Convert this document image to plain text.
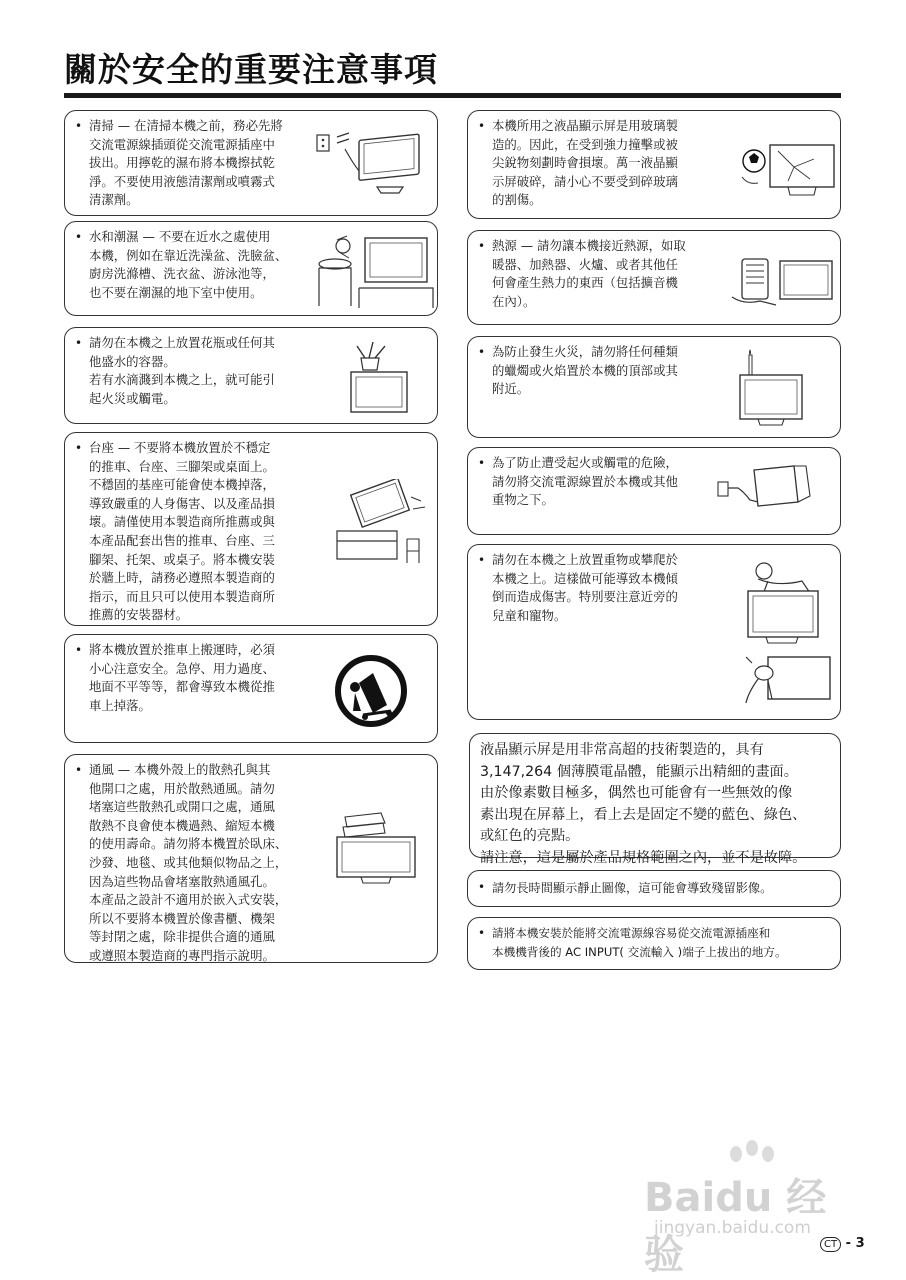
關於安全的重要注意事項
• 清掃 — 在清掃本機之前，務必先將
交流電源線插頭從交流電源插座中
拔出。用擰乾的濕布將本機擦拭乾
淨。不要使用液態清潔劑或噴霧式
清潔劑。
• 水和潮濕 — 不要在近水之處使用
本機，例如在靠近洗澡盆、洗臉盆、
廚房洗滌槽、洗衣盆、游泳池等，
也不要在潮濕的地下室中使用。
• 請勿在本機之上放置花瓶或任何其
他盛水的容器。
若有水滴濺到本機之上，就可能引
起火災或觸電。
• 台座 — 不要將本機放置於不穩定
的推車、台座、三腳架或桌面上。
不穩固的基座可能會使本機掉落，
導致嚴重的人身傷害、以及產品損
壞。請僅使用本製造商所推薦或與
本產品配套出售的推車、台座、三
腳架、托架、或桌子。將本機安裝
於牆上時，請務必遵照本製造商的
指示，而且只可以使用本製造商所
推薦的安裝器材。
• 將本機放置於推車上搬運時，必須
小心注意安全。急停、用力過度、
地面不平等等，都會導致本機從推
車上掉落。
• 通風 — 本機外殼上的散熱孔與其
他開口之處，用於散熱通風。請勿
堵塞這些散熱孔或開口之處，通風
散熱不良會使本機過熱、縮短本機
的使用壽命。請勿將本機置於臥床、
沙發、地毯、或其他類似物品之上，
因為這些物品會堵塞散熱通風孔。
本產品之設計不適用於嵌入式安裝，
所以不要將本機置於像書櫃、機架
等封閉之處，除非提供合適的通風
或遵照本製造商的專門指示說明。
• 本機所用之液晶顯示屏是用玻璃製
造的。因此，在受到強力撞擊或被
尖銳物刻劃時會損壞。萬一液晶顯
示屏破碎，請小心不要受到碎玻璃
的割傷。
• 熱源 — 請勿讓本機接近熱源，如取
暖器、加熱器、火爐、或者其他任
何會產生熱力的東西（包括擴音機
在內）。
• 為防止發生火災，請勿將任何種類
的蠟燭或火焰置於本機的頂部或其
附近。
• 為了防止遭受起火或觸電的危險，
請勿將交流電源線置於本機或其他
重物之下。
• 請勿在本機之上放置重物或攀爬於
本機之上。這樣做可能導致本機傾
倒而造成傷害。特別要注意近旁的
兒童和寵物。
液晶顯示屏是用非常高超的技術製造的，具有
3,147,264 個薄膜電晶體，能顯示出精細的畫面。
由於像素數目極多，偶然也可能會有一些無效的像
素出現在屏幕上，看上去是固定不變的藍色、綠色、
或紅色的亮點。
請注意，這是屬於產品規格範圍之內，並不是故障。
• 請勿長時間顯示靜止圖像，這可能會導致殘留影像。
• 請將本機安裝於能將交流電源線容易從交流電源插座和
本機機背後的 AC INPUT( 交流輸入 )端子上拔出的地方。
Baidu 经验
jingyan.baidu.com
CT - 3
